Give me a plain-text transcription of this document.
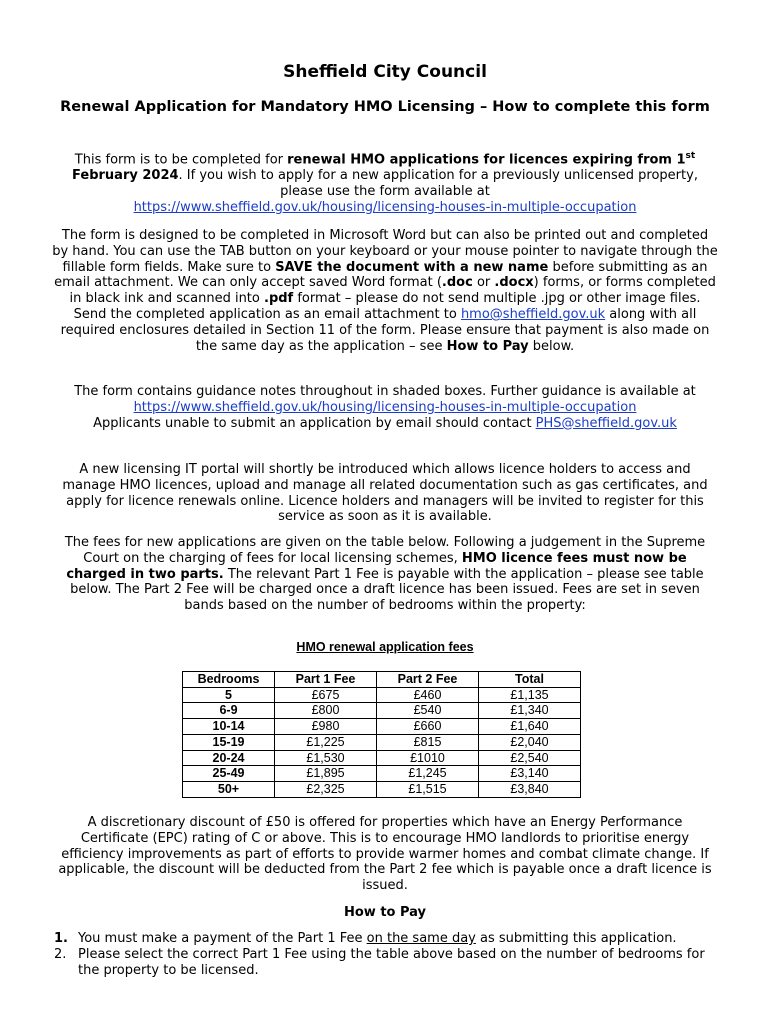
Sheffield City Council
Renewal Application for Mandatory HMO Licensing – How to complete this form
This form is to be completed for renewal HMO applications for licences expiring from 1st February 2024. If you wish to apply for a new application for a previously unlicensed property, please use the form available at
https://www.sheffield.gov.uk/housing/licensing-houses-in-multiple-occupation
The form is designed to be completed in Microsoft Word but can also be printed out and completed by hand. You can use the TAB button on your keyboard or your mouse pointer to navigate through the fillable form fields. Make sure to SAVE the document with a new name before submitting as an email attachment. We can only accept saved Word format (.doc or .docx) forms, or forms completed in black ink and scanned into .pdf format – please do not send multiple .jpg or other image files. Send the completed application as an email attachment to hmo@sheffield.gov.uk along with all required enclosures detailed in Section 11 of the form. Please ensure that payment is also made on the same day as the application – see How to Pay below.
The form contains guidance notes throughout in shaded boxes. Further guidance is available at
https://www.sheffield.gov.uk/housing/licensing-houses-in-multiple-occupation
Applicants unable to submit an application by email should contact PHS@sheffield.gov.uk
A new licensing IT portal will shortly be introduced which allows licence holders to access and manage HMO licences, upload and manage all related documentation such as gas certificates, and apply for licence renewals online. Licence holders and managers will be invited to register for this service as soon as it is available.
The fees for new applications are given on the table below. Following a judgement in the Supreme Court on the charging of fees for local licensing schemes, HMO licence fees must now be charged in two parts. The relevant Part 1 Fee is payable with the application – please see table below. The Part 2 Fee will be charged once a draft licence has been issued. Fees are set in seven bands based on the number of bedrooms within the property:
HMO renewal application fees
Bedrooms	Part 1 Fee	Part 2 Fee	Total
5	£675	£460	£1,135
6-9	£800	£540	£1,340
10-14	£980	£660	£1,640
15-19	£1,225	£815	£2,040
20-24	£1,530	£1010	£2,540
25-49	£1,895	£1,245	£3,140
50+	£2,325	£1,515	£3,840
A discretionary discount of £50 is offered for properties which have an Energy Performance Certificate (EPC) rating of C or above. This is to encourage HMO landlords to prioritise energy efficiency improvements as part of efforts to provide warmer homes and combat climate change. If applicable, the discount will be deducted from the Part 2 fee which is payable once a draft licence is issued.
How to Pay
1. You must make a payment of the Part 1 Fee on the same day as submitting this application.
2. Please select the correct Part 1 Fee using the table above based on the number of bedrooms for the property to be licensed.
